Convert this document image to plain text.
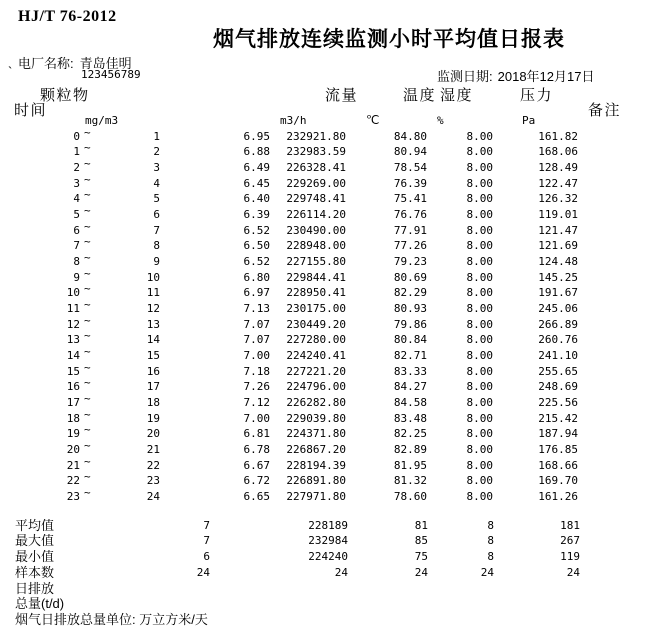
HJ/T 76-2012
烟气排放连续监测小时平均值日报表
电厂名称: 青岛佳明
`	123456789	监测日期: 2018年12月17日
颗粒物	流量	温度 湿度	压力
时间	备注
mg/m3	m3/h	℃	%	Pa
0 ~	1	6.95	232921.80	84.80	8.00	161.82
1 ~	2	6.88	232983.59	80.94	8.00	168.06
2 ~	3	6.49	226328.41	78.54	8.00	128.49
3 ~	4	6.45	229269.00	76.39	8.00	122.47
4 ~	5	6.40	229748.41	75.41	8.00	126.32
5 ~	6	6.39	226114.20	76.76	8.00	119.01
6 ~	7	6.52	230490.00	77.91	8.00	121.47
7 ~	8	6.50	228948.00	77.26	8.00	121.69
8 ~	9	6.52	227155.80	79.23	8.00	124.48
9 ~	10	6.80	229844.41	80.69	8.00	145.25
10 ~	11	6.97	228950.41	82.29	8.00	191.67
11 ~	12	7.13	230175.00	80.93	8.00	245.06
12 ~	13	7.07	230449.20	79.86	8.00	266.89
13 ~	14	7.07	227280.00	80.84	8.00	260.76
14 ~	15	7.00	224240.41	82.71	8.00	241.10
15 ~	16	7.18	227221.20	83.33	8.00	255.65
16 ~	17	7.26	224796.00	84.27	8.00	248.69
17 ~	18	7.12	226282.80	84.58	8.00	225.56
18 ~	19	7.00	229039.80	83.48	8.00	215.42
19 ~	20	6.81	224371.80	82.25	8.00	187.94
20 ~	21	6.78	226867.20	82.89	8.00	176.85
21 ~	22	6.67	228194.39	81.95	8.00	168.66
22 ~	23	6.72	226891.80	81.32	8.00	169.70
23 ~	24	6.65	227971.80	78.60	8.00	161.26
平均值	7	228189	81	8	181
最大值	7	232984	85	8	267
最小值	6	224240	75	8	119
样本数	24	24	24	24	24
日排放
总量(t/d)
烟气日排放总量单位: 万立方米/天
